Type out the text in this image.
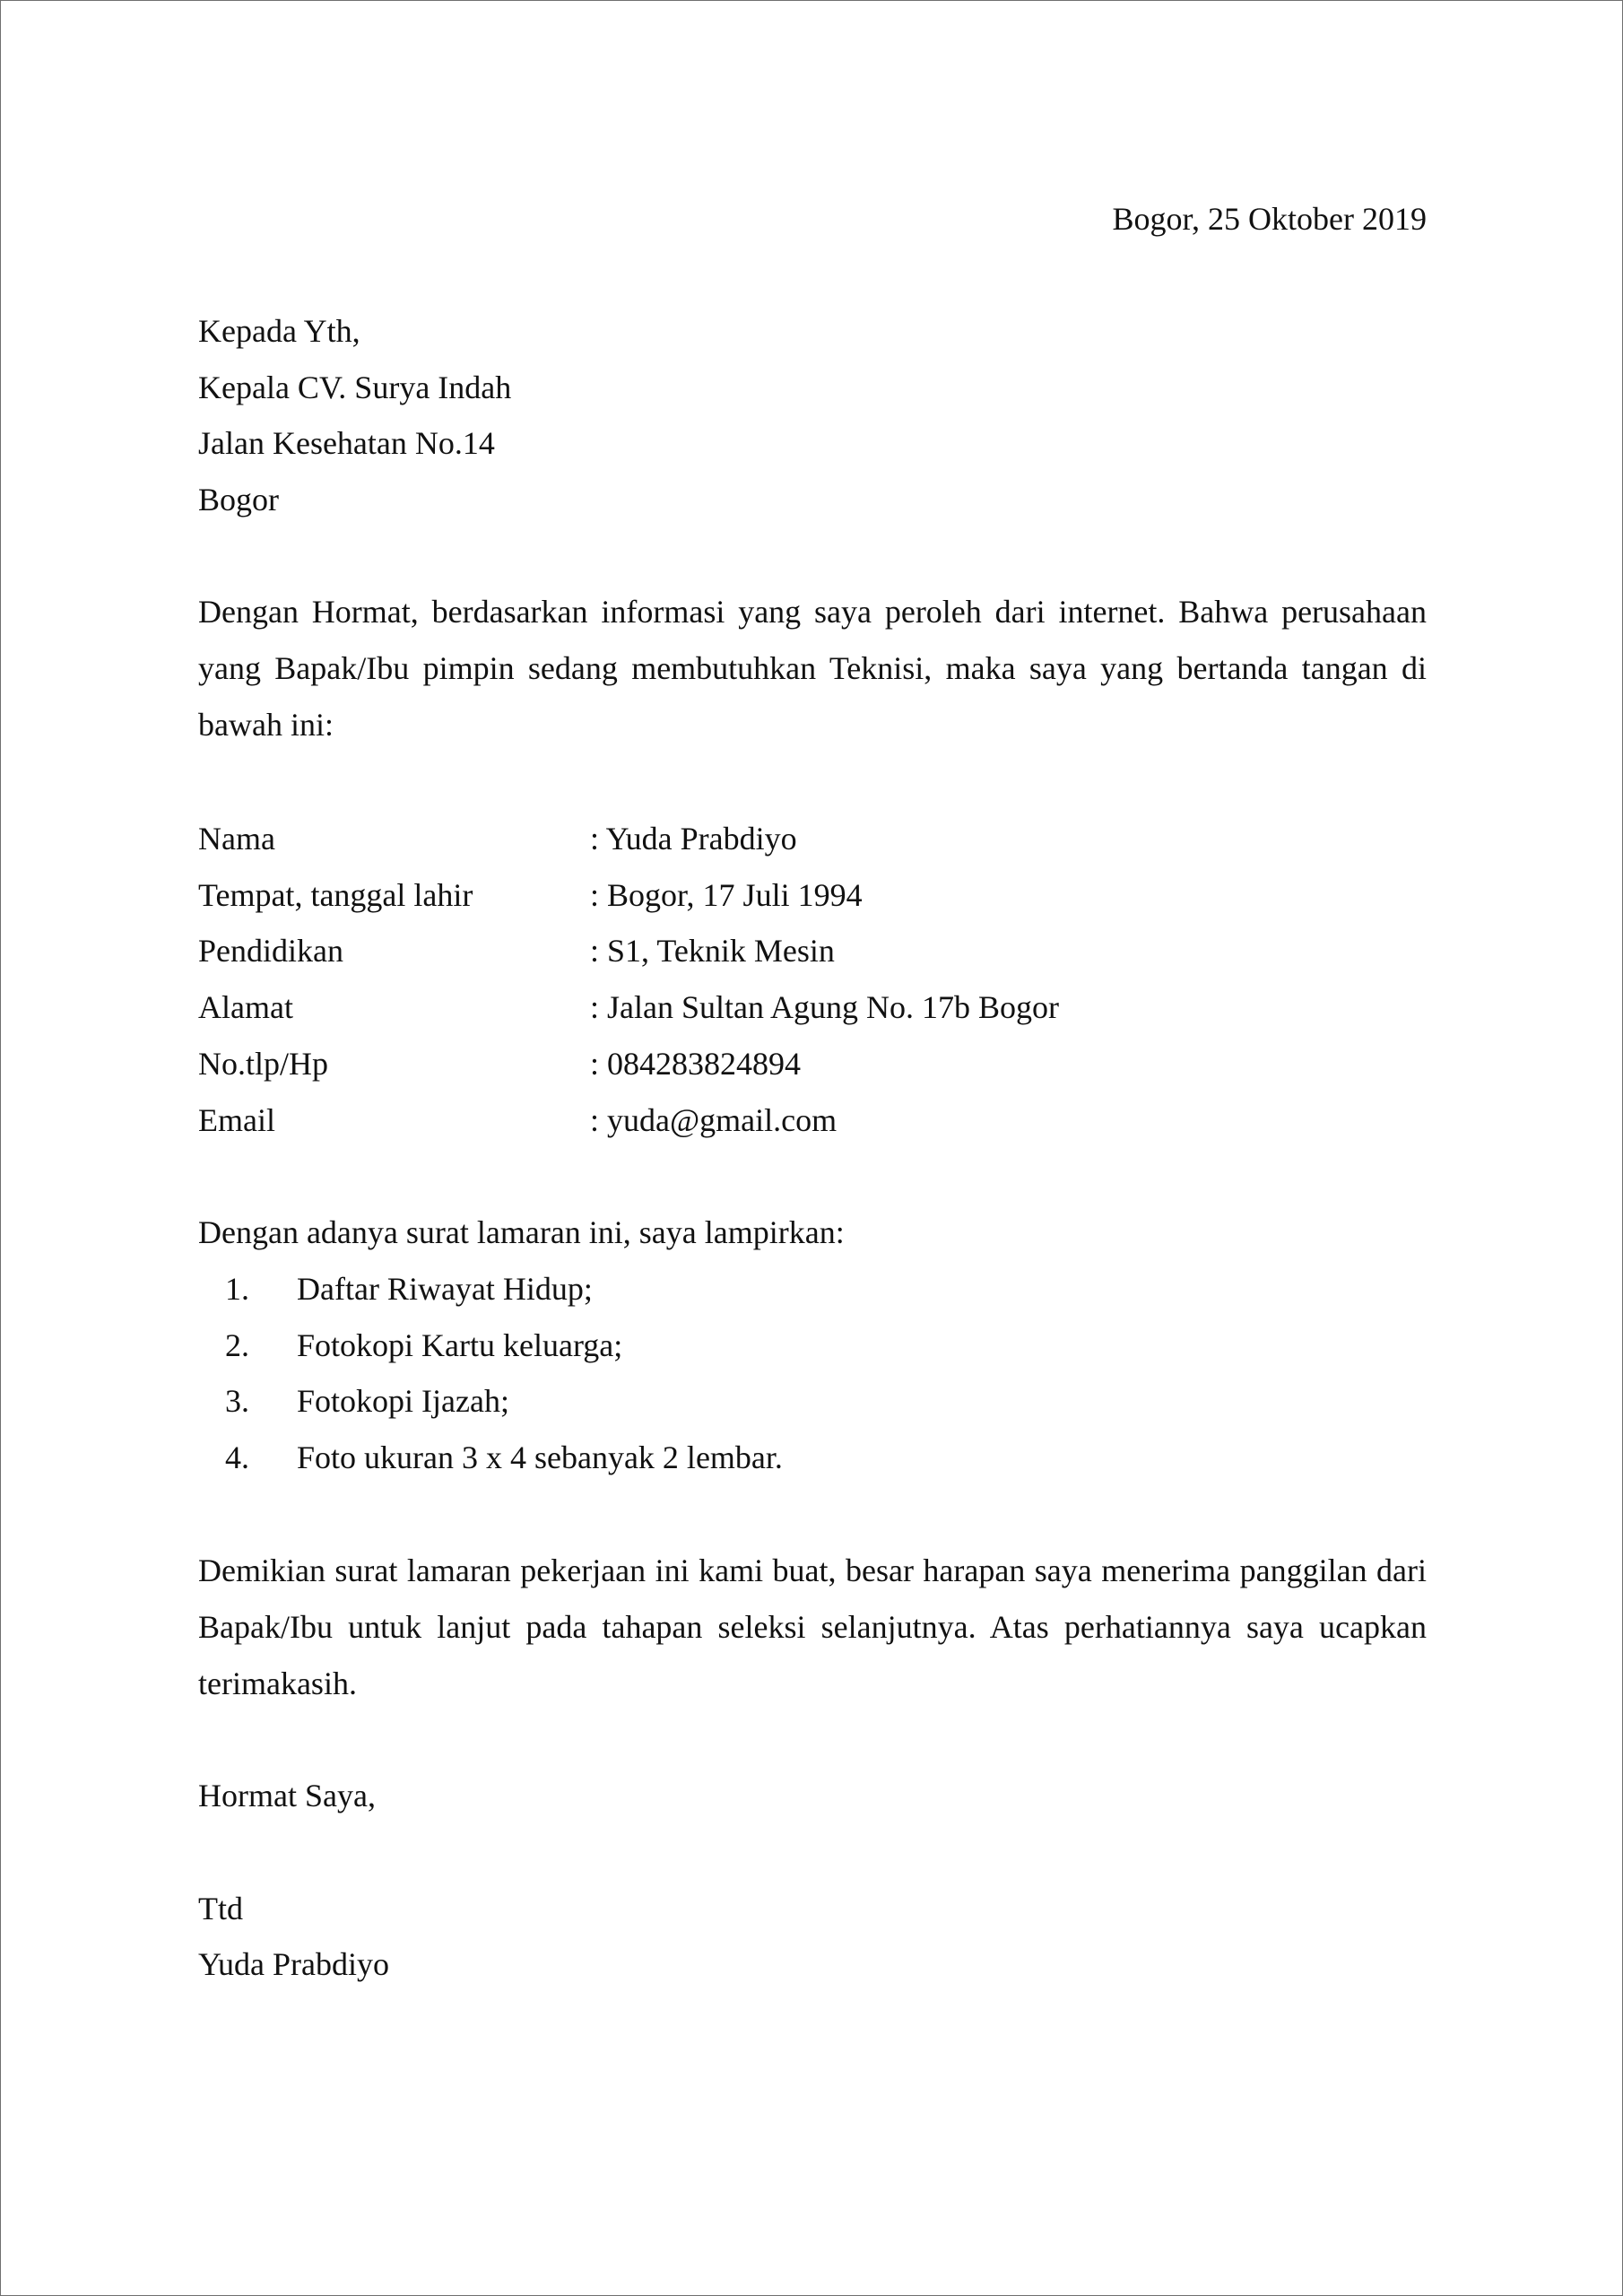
Bogor, 25 Oktober 2019
Kepada Yth,
Kepala CV. Surya Indah
Jalan Kesehatan No.14
Bogor
Dengan Hormat, berdasarkan informasi yang saya peroleh dari internet. Bahwa perusahaan yang Bapak/Ibu pimpin sedang membutuhkan Teknisi, maka saya yang bertanda tangan di bawah ini:
Nama	: Yuda Prabdiyo
Tempat, tanggal lahir	: Bogor, 17 Juli 1994
Pendidikan	: S1, Teknik Mesin
Alamat	: Jalan Sultan Agung No. 17b Bogor
No.tlp/Hp	: 084283824894
Email	: yuda@gmail.com
Dengan adanya surat lamaran ini, saya lampirkan:
1.	Daftar Riwayat Hidup;
2.	Fotokopi Kartu keluarga;
3.	Fotokopi Ijazah;
4.	Foto ukuran 3 x 4 sebanyak 2 lembar.
Demikian surat lamaran pekerjaan ini kami buat, besar harapan saya menerima panggilan dari Bapak/Ibu untuk lanjut pada tahapan seleksi selanjutnya. Atas perhatiannya saya ucapkan terimakasih.
Hormat Saya,
Ttd
Yuda Prabdiyo
